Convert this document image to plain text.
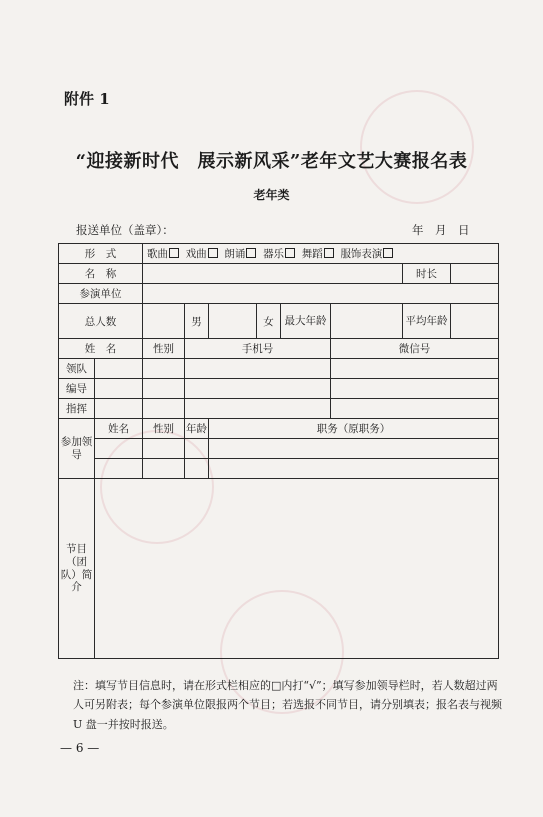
附件 1
“迎接新时代　展示新风采”老年文艺大赛报名表
老年类
报送单位（盖章）：	年　月　日
形　式		歌曲 戏曲 朗诵 器乐 舞蹈 服饰表演							
名　称								时长	
参演单位									
总人数			男		女	最大年龄		平均年龄	
姓　名		性别	手机号				微信号		
领队									
编导									
指挥									
参加领导	姓名	性别	年龄	职务（原职务）					

节目（团队）简介									
注：填写节目信息时，请在形式栏相应的□内打“√”；填写参加领导栏时，若人数超过两人可另附表；每个参演单位限报两个节目；若选报不同节目，请分别填表；报名表与视频 U 盘一并按时报送。
— 6 —
